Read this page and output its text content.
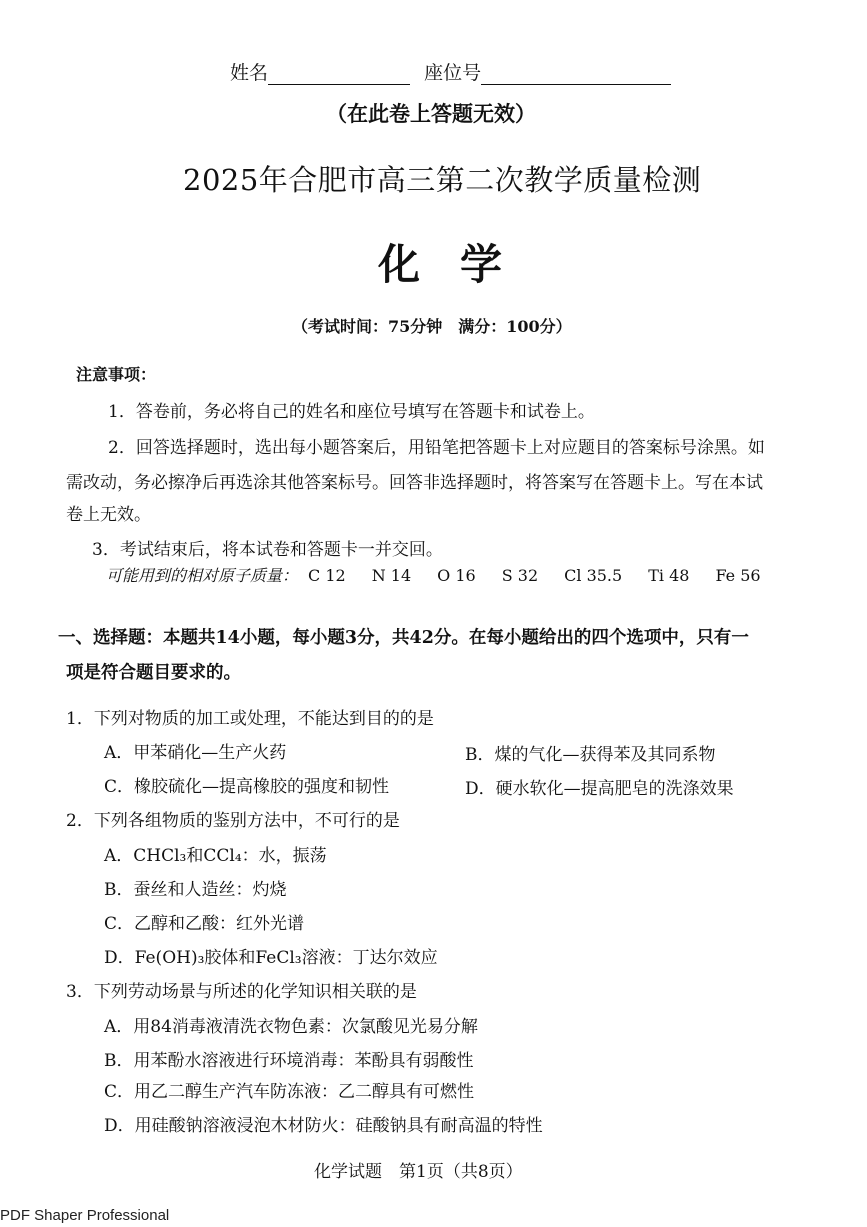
姓名	座位号
（在此卷上答题无效）
2025年合肥市高三第二次教学质量检测
化学
（考试时间：75分钟　满分：100分）
注意事项：
1．答卷前，务必将自己的姓名和座位号填写在答题卡和试卷上。
2．回答选择题时，选出每小题答案后，用铅笔把答题卡上对应题目的答案标号涂黑。如
需改动，务必擦净后再选涂其他答案标号。回答非选择题时，将答案写在答题卡上。写在本试
卷上无效。
3．考试结束后，将本试卷和答题卡一并交回。
可能用到的相对原子质量： C 12 N 14 O 16 S 32 Cl 35.5 Ti 48 Fe 56
一、选择题：本题共14小题，每小题3分，共42分。在每小题给出的四个选项中，只有一
项是符合题目要求的。
1．下列对物质的加工或处理，不能达到目的的是
A．甲苯硝化—生产火药	B．煤的气化—获得苯及其同系物
C．橡胶硫化—提高橡胶的强度和韧性	D．硬水软化—提高肥皂的洗涤效果
2．下列各组物质的鉴别方法中，不可行的是
A．CHCl₃和CCl₄：水，振荡
B．蚕丝和人造丝：灼烧
C．乙醇和乙酸：红外光谱
D．Fe(OH)₃胶体和FeCl₃溶液：丁达尔效应
3．下列劳动场景与所述的化学知识相关联的是
A．用84消毒液清洗衣物色素：次氯酸见光易分解
B．用苯酚水溶液进行环境消毒：苯酚具有弱酸性
C．用乙二醇生产汽车防冻液：乙二醇具有可燃性
D．用硅酸钠溶液浸泡木材防火：硅酸钠具有耐高温的特性
化学试题　第1页（共8页）
PDF Shaper Professional
